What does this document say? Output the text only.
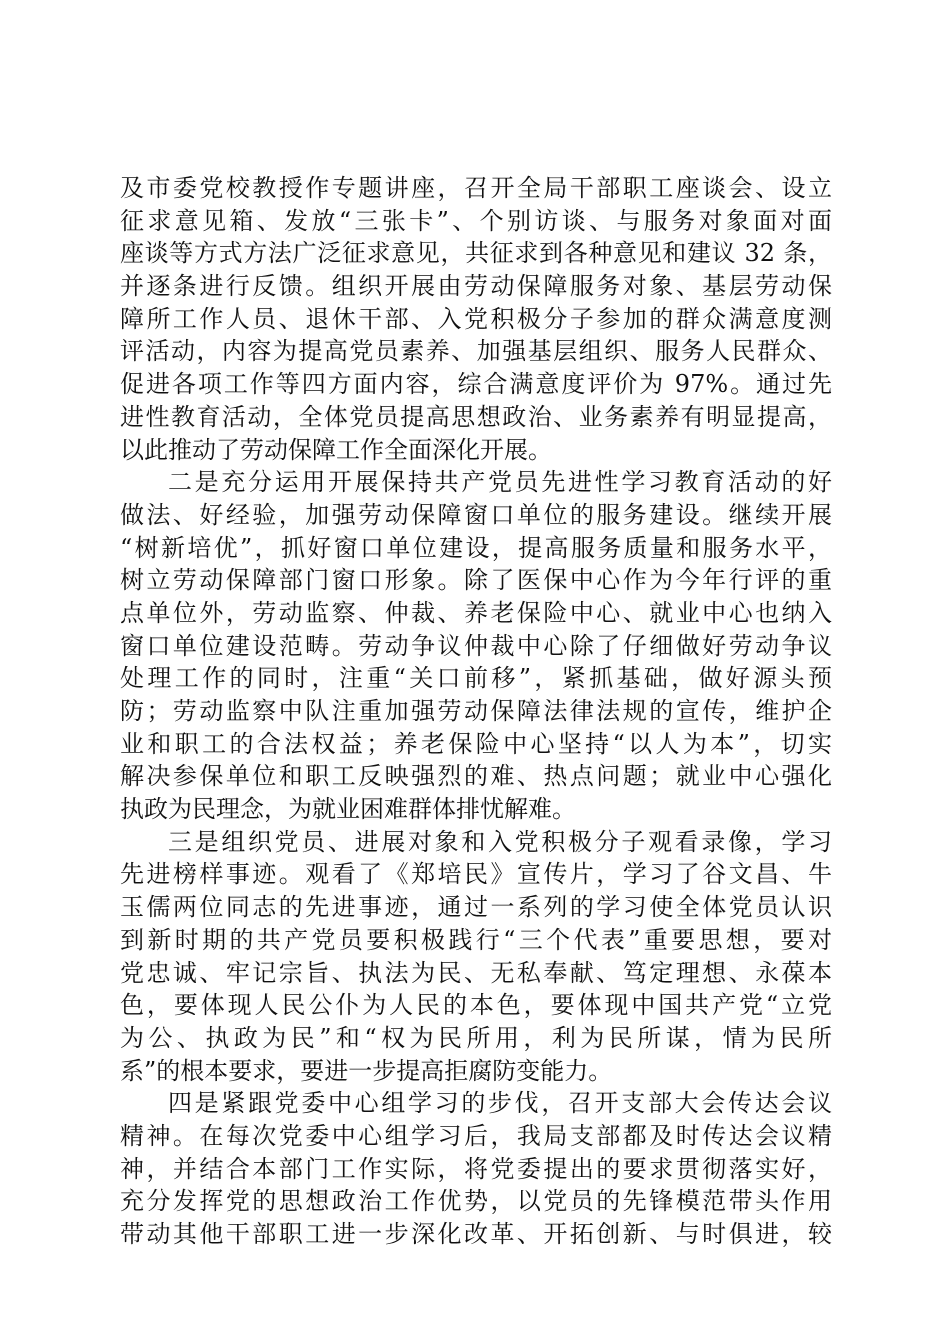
及市委党校教授作专题讲座，召开全局干部职工座谈会、设立
征求意见箱、发放“三张卡”、个别访谈、与服务对象面对面
座谈等方式方法广泛征求意见，共征求到各种意见和建议 32 条，
并逐条进行反馈。组织开展由劳动保障服务对象、基层劳动保
障所工作人员、退休干部、入党积极分子参加的群众满意度测
评活动，内容为提高党员素养、加强基层组织、服务人民群众、
促进各项工作等四方面内容，综合满意度评价为 97%。通过先
进性教育活动，全体党员提高思想政治、业务素养有明显提高，
以此推动了劳动保障工作全面深化开展。
二是充分运用开展保持共产党员先进性学习教育活动的好
做法、好经验，加强劳动保障窗口单位的服务建设。继续开展
“树新培优”，抓好窗口单位建设，提高服务质量和服务水平，
树立劳动保障部门窗口形象。除了医保中心作为今年行评的重
点单位外，劳动监察、仲裁、养老保险中心、就业中心也纳入
窗口单位建设范畴。劳动争议仲裁中心除了仔细做好劳动争议
处理工作的同时，注重“关口前移”，紧抓基础，做好源头预
防；劳动监察中队注重加强劳动保障法律法规的宣传，维护企
业和职工的合法权益；养老保险中心坚持“以人为本”，切实
解决参保单位和职工反映强烈的难、热点问题；就业中心强化
执政为民理念，为就业困难群体排忧解难。
三是组织党员、进展对象和入党积极分子观看录像，学习
先进榜样事迹。观看了《郑培民》宣传片，学习了谷文昌、牛
玉儒两位同志的先进事迹，通过一系列的学习使全体党员认识
到新时期的共产党员要积极践行“三个代表”重要思想，要对
党忠诚、牢记宗旨、执法为民、无私奉献、笃定理想、永葆本
色，要体现人民公仆为人民的本色，要体现中国共产党“立党
为公、执政为民”和“权为民所用，利为民所谋，情为民所
系”的根本要求，要进一步提高拒腐防变能力。
四是紧跟党委中心组学习的步伐，召开支部大会传达会议
精神。在每次党委中心组学习后，我局支部都及时传达会议精
神，并结合本部门工作实际，将党委提出的要求贯彻落实好，
充分发挥党的思想政治工作优势，以党员的先锋模范带头作用
带动其他干部职工进一步深化改革、开拓创新、与时俱进，较
